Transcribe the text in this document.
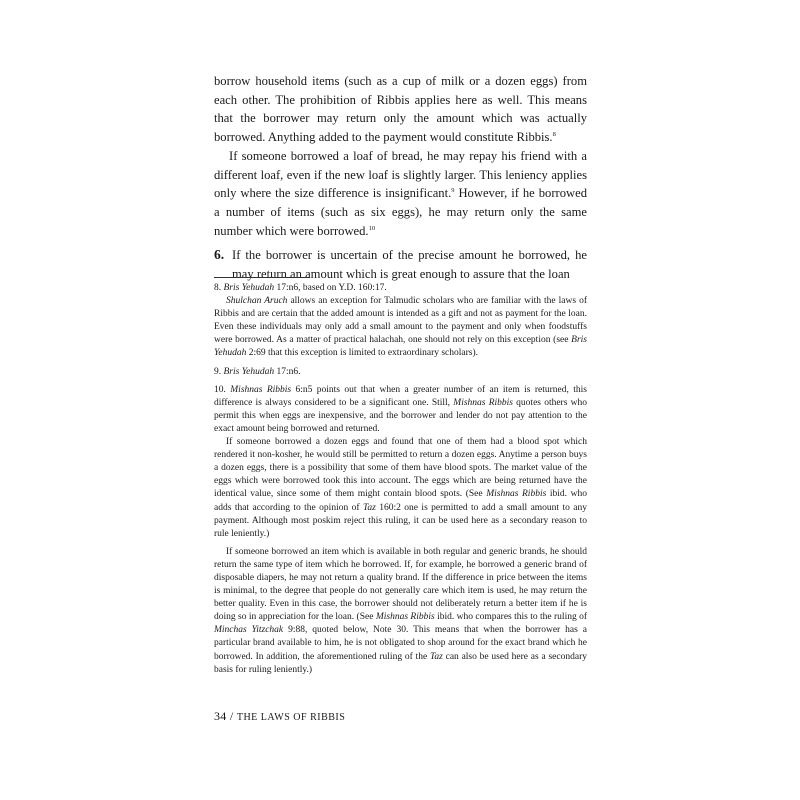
borrow household items (such as a cup of milk or a dozen eggs) from each other. The prohibition of Ribbis applies here as well. This means that the borrower may return only the amount which was actually borrowed. Anything added to the payment would constitute Ribbis.$^8$

If someone borrowed a loaf of bread, he may repay his friend with a different loaf, even if the new loaf is slightly larger. This leniency applies only where the size difference is insignificant.$^9$ However, if he borrowed a number of items (such as six eggs), he may return only the same number which were borrowed.$^{10}$

6. If the borrower is uncertain of the precise amount he borrowed, he may return an amount which is great enough to assure that the loan

8. Bris Yehudah 17:n6, based on Y.D. 160:17.

Shulchan Aruch allows an exception for Talmudic scholars who are familiar with the laws of Ribbis and are certain that the added amount is intended as a gift and not as payment for the loan. Even these individuals may only add a small amount to the payment and only when foodstuffs were borrowed. As a matter of practical halachah, one should not rely on this exception (see Bris Yehudah 2:69 that this exception is limited to extraordinary scholars).

9. Bris Yehudah 17:n6.

10. Mishnas Ribbis 6:n5 points out that when a greater number of an item is returned, this difference is always considered to be a significant one. Still, Mishnas Ribbis quotes others who permit this when eggs are inexpensive, and the borrower and lender do not pay attention to the exact amount being borrowed and returned.

If someone borrowed a dozen eggs and found that one of them had a blood spot which rendered it non-kosher, he would still be permitted to return a dozen eggs. Anytime a person buys a dozen eggs, there is a possibility that some of them have blood spots. The market value of the eggs which were borrowed took this into account. The eggs which are being returned have the identical value, since some of them might contain blood spots. (See Mishnas Ribbis ibid. who adds that according to the opinion of Taz 160:2 one is permitted to add a small amount to any payment. Although most poskim reject this ruling, it can be used here as a secondary reason to rule leniently.)

If someone borrowed an item which is available in both regular and generic brands, he should return the same type of item which he borrowed. If, for example, he borrowed a generic brand of disposable diapers, he may not return a quality brand. If the difference in price between the items is minimal, to the degree that people do not generally care which item is used, he may return the better quality. Even in this case, the borrower should not deliberately return a better item if he is doing so in appreciation for the loan. (See Mishnas Ribbis ibid. who compares this to the ruling of Minchas Yitzchak 9:88, quoted below, Note 30. This means that when the borrower has a particular brand available to him, he is not obligated to shop around for the exact brand which he borrowed. In addition, the aforementioned ruling of the Taz can also be used here as a secondary basis for ruling leniently.)

34 / THE LAWS OF RIBBIS
